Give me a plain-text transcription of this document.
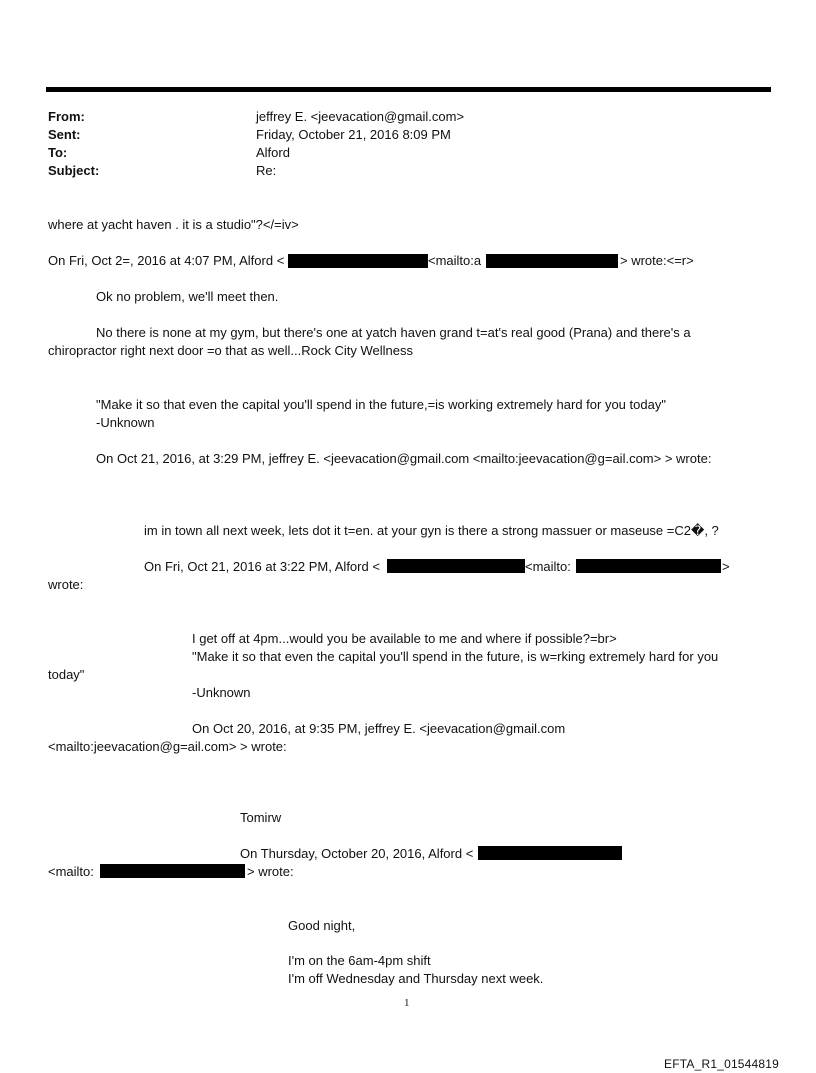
From:	jeffrey E. <jeevacation@gmail.com>
Sent:	Friday, October 21, 2016 8:09 PM
To:	Alford
Subject:	Re:
where at yacht haven . it is a studio"?</=iv>
On Fri, Oct 2=, 2016 at 4:07 PM, Alford <	<mailto:a	> wrote:<=r>
Ok no problem, we'll meet then.
No there is none at my gym, but there's one at yatch haven grand t=at's real good (Prana) and there's a
chiropractor right next door =o that as well...Rock City Wellness
"Make it so that even the capital you'll spend in the future,=is working extremely hard for you today"
-Unknown
On Oct 21, 2016, at 3:29 PM, jeffrey E. <jeevacation@gmail.com <mailto:jeevacation@g=ail.com> > wrote:
im in town all next week, lets dot it t=en. at your gyn is there a strong massuer or maseuse =C2�, ?
On Fri, Oct 21, 2016 at 3:22 PM, Alford <	<mailto:	>
wrote:
I get off at 4pm...would you be available to me and where if possible?=br>
"Make it so that even the capital you'll spend in the future, is w=rking extremely hard for you
today"
-Unknown
On Oct 20, 2016, at 9:35 PM, jeffrey E. <jeevacation@gmail.com
<mailto:jeevacation@g=ail.com> > wrote:
Tomirw
On Thursday, October 20, 2016, Alford <
<mailto:	> wrote:
Good night,
I'm on the 6am-4pm shift
I'm off Wednesday and Thursday next week.
1
EFTA_R1_01544819
